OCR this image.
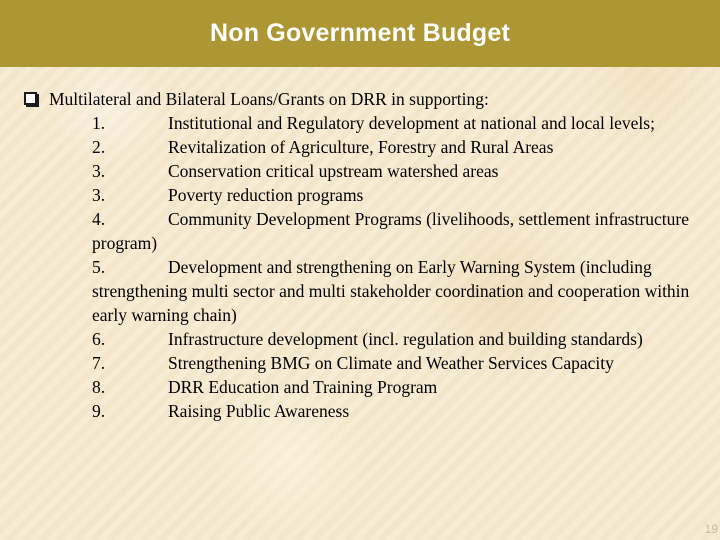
Non Government Budget
Multilateral and Bilateral Loans/Grants on DRR in supporting:
1.	Institutional and Regulatory development at national and local levels;
2.	Revitalization of Agriculture, Forestry and Rural Areas
3.	Conservation critical upstream watershed areas
3.	Poverty reduction programs
4.	Community Development Programs (livelihoods, settlement infrastructure program)
5.	Development and strengthening on Early Warning System (including strengthening multi sector and multi stakeholder coordination and cooperation within early warning chain)
6.	Infrastructure development (incl. regulation and building standards)
7.	Strengthening BMG on Climate and Weather Services Capacity
8.	DRR Education and Training Program
9.	Raising Public Awareness
19
